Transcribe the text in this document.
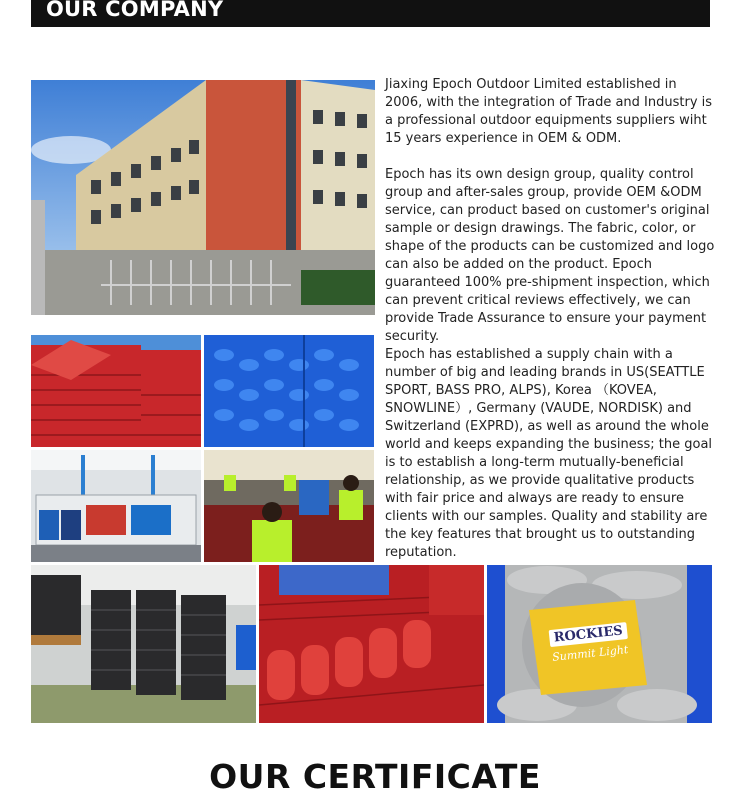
OUR COMPANY
Jiaxing Epoch Outdoor Limited established in 2006, with the integration of Trade and Industry is a professional outdoor equipments suppliers wiht 15 years experience in OEM & ODM.
Epoch has its own design group, quality control group and after-sales group, provide OEM &ODM service, can product based on customer's original sample or design drawings. The fabric, color, or shape of the products can be customized and logo can also be added on the product. Epoch guaranteed 100% pre-shipment inspection, which can prevent critical reviews effectively, we can provide Trade Assurance to ensure your payment security.
Epoch has established a supply chain with a number of big and leading brands in US(SEATTLE SPORT, BASS PRO, ALPS), Korea （KOVEA, SNOWLINE）, Germany (VAUDE, NORDISK) and Switzerland (EXPRD), as well as around the whole world and keeps expanding the business; the goal is to establish a long-term mutually-beneficial relationship, as we provide qualitative products with fair price and always are ready to ensure clients with our samples. Quality and stability are the key features that brought us to outstanding reputation.
ROCKIES
Summit Light
OUR CERTIFICATE
